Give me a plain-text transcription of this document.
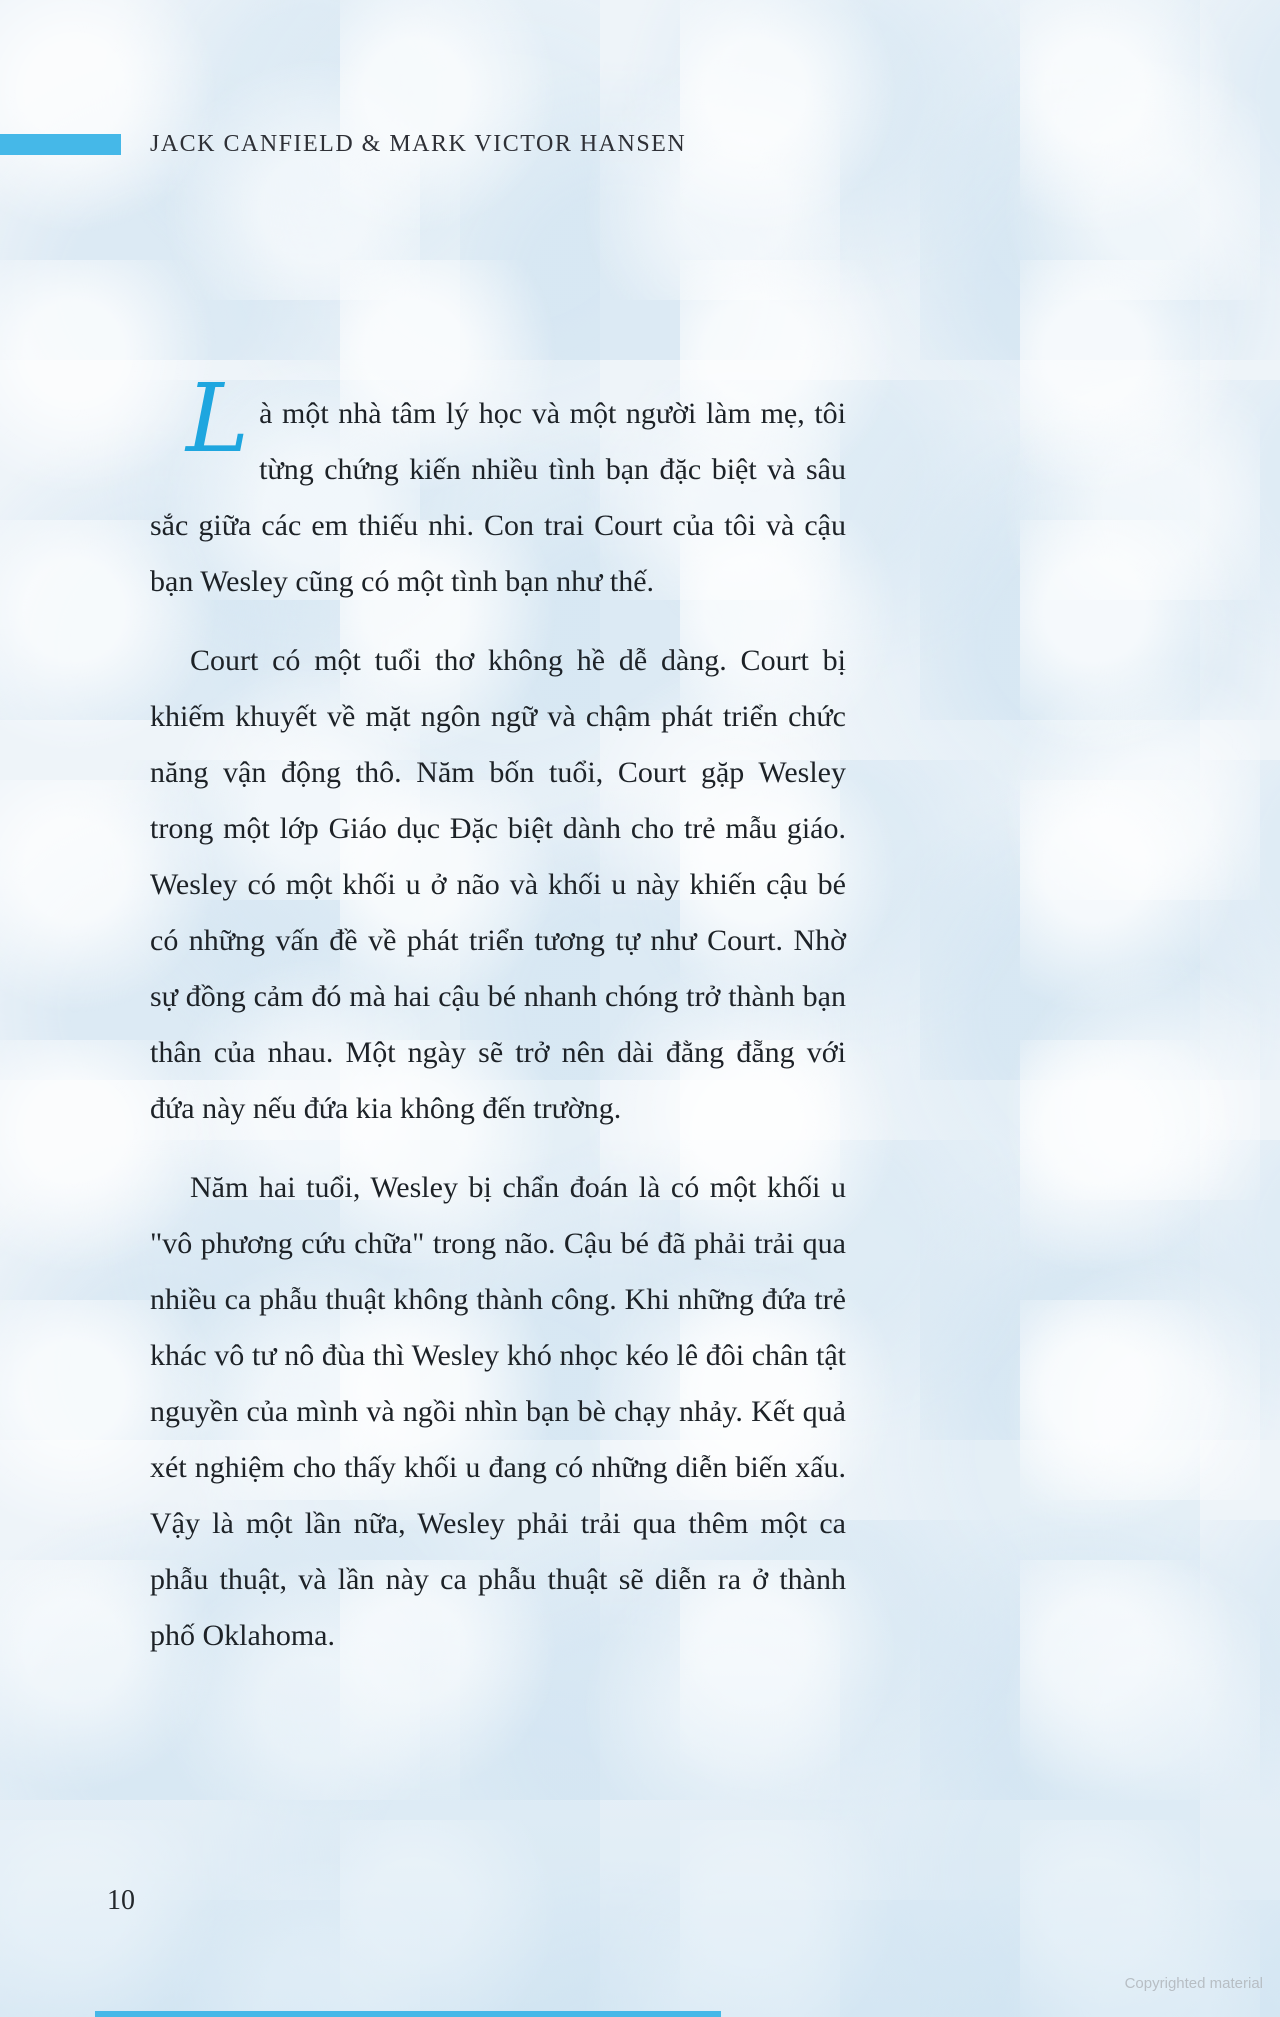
JACK CANFIELD & MARK VICTOR HANSEN

Là một nhà tâm lý học và một người làm mẹ, tôi từng chứng kiến nhiều tình bạn đặc biệt và sâu sắc giữa các em thiếu nhi. Con trai Court của tôi và cậu bạn Wesley cũng có một tình bạn như thế.

Court có một tuổi thơ không hề dễ dàng. Court bị khiếm khuyết về mặt ngôn ngữ và chậm phát triển chức năng vận động thô. Năm bốn tuổi, Court gặp Wesley trong một lớp Giáo dục Đặc biệt dành cho trẻ mẫu giáo. Wesley có một khối u ở não và khối u này khiến cậu bé có những vấn đề về phát triển tương tự như Court. Nhờ sự đồng cảm đó mà hai cậu bé nhanh chóng trở thành bạn thân của nhau. Một ngày sẽ trở nên dài đằng đẵng với đứa này nếu đứa kia không đến trường.

Năm hai tuổi, Wesley bị chẩn đoán là có một khối u "vô phương cứu chữa" trong não. Cậu bé đã phải trải qua nhiều ca phẫu thuật không thành công. Khi những đứa trẻ khác vô tư nô đùa thì Wesley khó nhọc kéo lê đôi chân tật nguyền của mình và ngồi nhìn bạn bè chạy nhảy. Kết quả xét nghiệm cho thấy khối u đang có những diễn biến xấu. Vậy là một lần nữa, Wesley phải trải qua thêm một ca phẫu thuật, và lần này ca phẫu thuật sẽ diễn ra ở thành phố Oklahoma.

10
Copyrighted material
